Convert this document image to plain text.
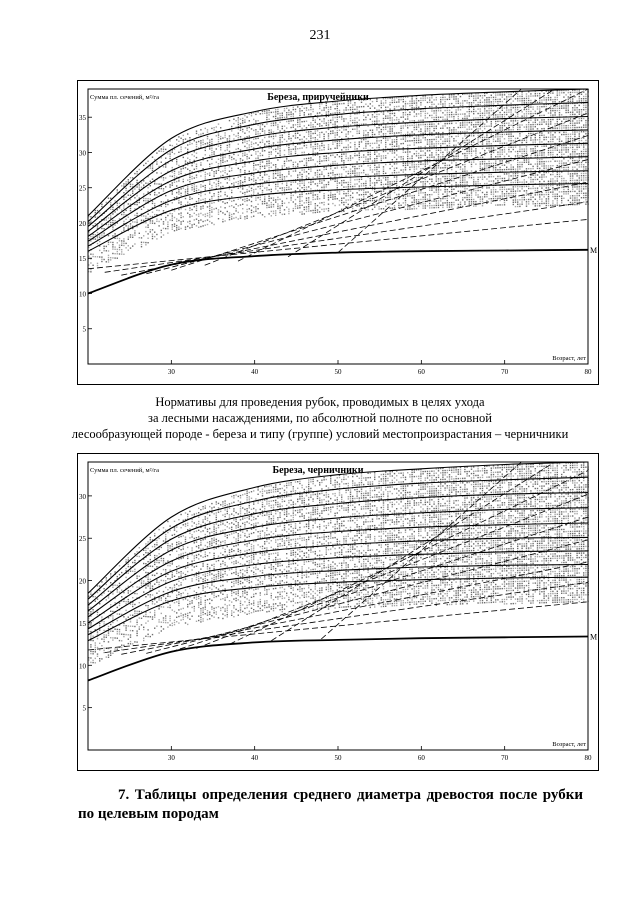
231
M
5
10
15
20
25
30
35
30	40	50	60	70	80
Береза, приручейники
Сумма пл. сечений, м²/га
Возраст, лет
Нормативы для проведения рубок, проводимых в целях ухода
за лесными насаждениями, по абсолютной полноте по основной
лесообразующей породе - береза и типу (группе) условий местопроизрастания – черничники
M
5
10
15
20
25
30
30	40	50	60	70	80
Береза, черничники
Сумма пл. сечений, м²/га
Возраст, лет
7. Таблицы определения среднего диаметра древостоя после рубки
по целевым породам
